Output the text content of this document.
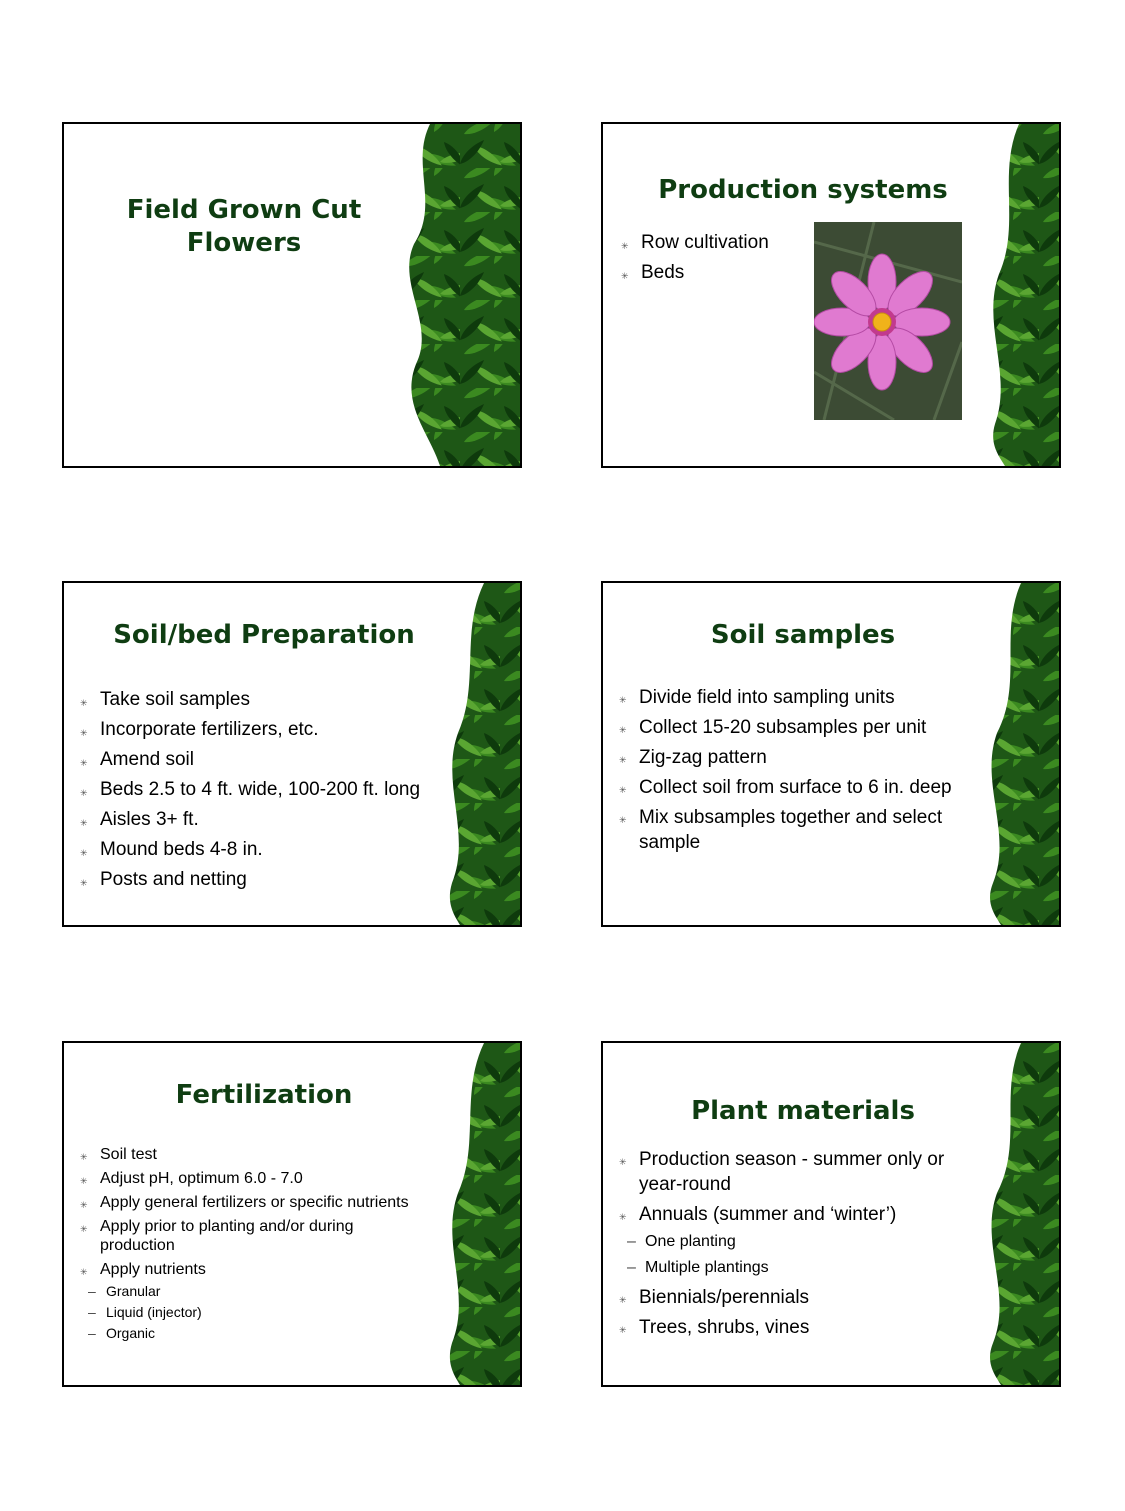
Field Grown Cut Flowers
Production systems
✳ Row cultivation
✳ Beds
Soil/bed Preparation
✳ Take soil samples
✳ Incorporate fertilizers, etc.
✳ Amend soil
✳ Beds 2.5 to 4 ft. wide, 100-200 ft. long
✳ Aisles 3+ ft.
✳ Mound beds 4-8 in.
✳ Posts and netting
Soil samples
✳ Divide field into sampling units
✳ Collect 15-20 subsamples per unit
✳ Zig-zag pattern
✳ Collect soil from surface to 6 in. deep
✳ Mix subsamples together and select sample
Fertilization
✳ Soil test
✳ Adjust pH, optimum 6.0 - 7.0
✳ Apply general fertilizers or specific nutrients
✳ Apply prior to planting and/or during production
✳ Apply nutrients
– Granular
– Liquid (injector)
– Organic
Plant materials
✳ Production season - summer only or year-round
✳ Annuals (summer and ‘winter’)
– One planting
– Multiple plantings
✳ Biennials/perennials
✳ Trees, shrubs, vines
